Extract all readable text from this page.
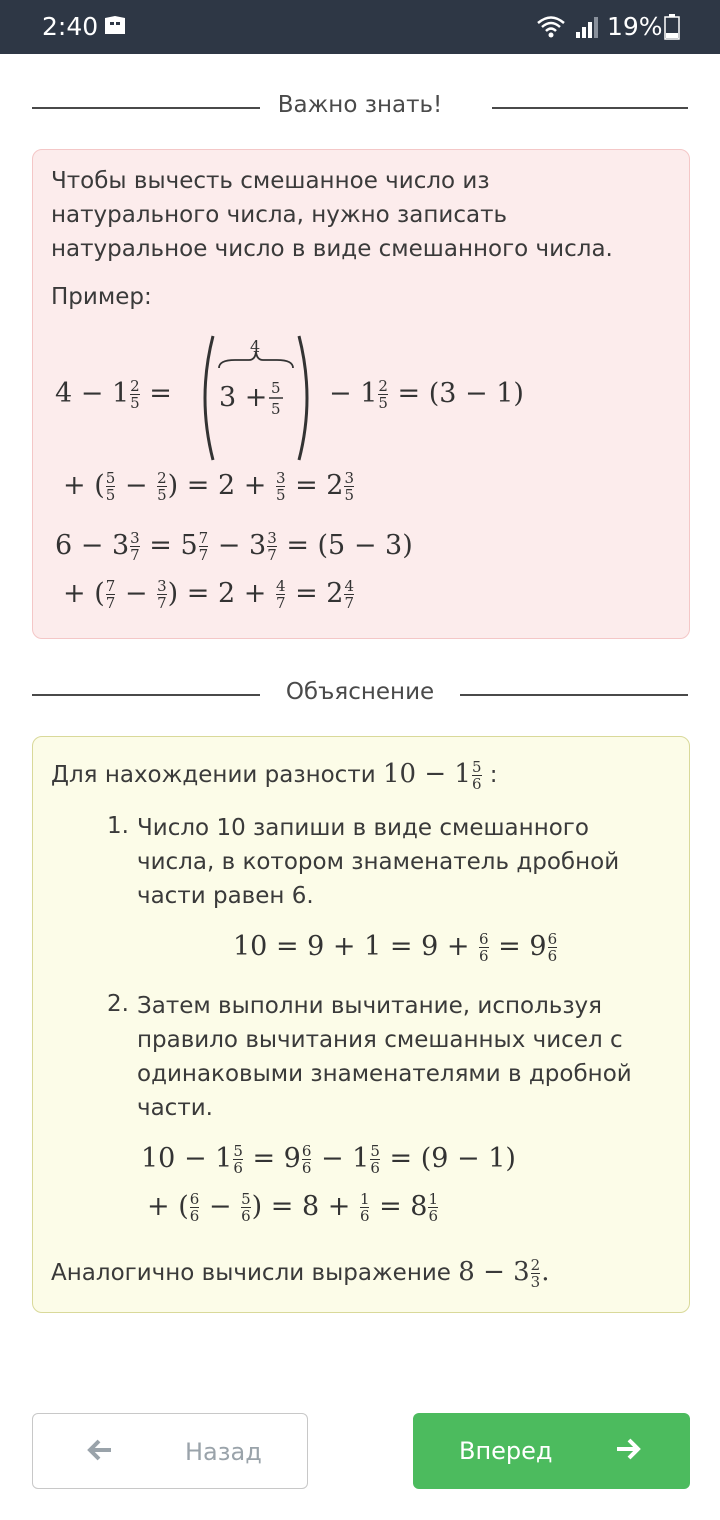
2:40	19%
Важно знать!
Чтобы вычесть смешанное число из натурального числа, нужно записать натуральное число в виде смешанного числа.
Пример:
$4 - 1 \frac{2}{5}$ =
4
3 + 5
$5 - 1 \frac{2}{5} = (3 - 1)$
+ ( $\frac{5}{5} - \frac{2}{5}$ ) = $2 + \frac{3}{5} = 2 \frac{3}{5}$
$6 - 3 \frac{3}{7} = 5 \frac{7}{7} - 3 \frac{3}{7} = (5 - 3)$
+ ( $\frac{7}{7} - \frac{3}{7}$ ) = $2 + \frac{4}{7} = 2 \frac{4}{7}$
Объяснение
Для нахождении разности $10 - 1 \frac{5}{6}$ :
1. Число 10 запиши в виде смешанного числа, в котором знаменатель дробной части равен 6.
$10 = 9 + 1 = 9 + \frac{6}{6} = 9 \frac{6}{6}$
2. Затем выполни вычитание, используя правило вычитания смешанных чисел с одинаковыми знаменателями в дробной части.
$10 - 1 \frac{5}{6} = 9 \frac{6}{6} - 1 \frac{5}{6} = (9 - 1)$
+ ( $\frac{6}{6} - \frac{5}{6}$ ) = $8 + \frac{1}{6} = 8 \frac{1}{6}$
Аналогично вычисли выражение $8 - 3 \frac{2}{3}$ .
Назад	Вперед
